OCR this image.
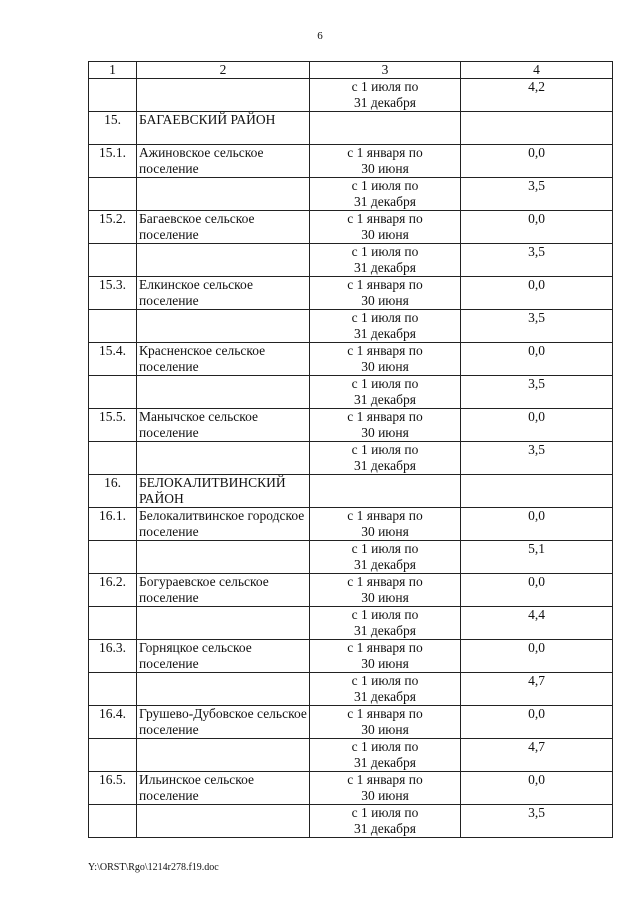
6
1	2	3	4

		с 1 июля по
31 декабря	4,2
15.	БАГАЕВСКИЙ РАЙОН		
15.1.	Ажиновское сельское поселение	с 1 января по
30 июня	0,0

		с 1 июля по
31 декабря	3,5
15.2.	Багаевское сельское поселение	с 1 января по
30 июня	0,0

		с 1 июля по
31 декабря	3,5
15.3.	Елкинское сельское поселение	с 1 января по
30 июня	0,0

		с 1 июля по
31 декабря	3,5
15.4.	Красненское сельское поселение	с 1 января по
30 июня	0,0

		с 1 июля по
31 декабря	3,5
15.5.	Манычское сельское поселение	с 1 января по
30 июня	0,0

		с 1 июля по
31 декабря	3,5
16.	БЕЛОКАЛИТВИНСКИЙ РАЙОН		
16.1.	Белокалитвинское городское поселение	с 1 января по
30 июня	0,0

		с 1 июля по
31 декабря	5,1
16.2.	Богураевское сельское поселение	с 1 января по
30 июня	0,0

		с 1 июля по
31 декабря	4,4
16.3.	Горняцкое сельское поселение	с 1 января по
30 июня	0,0

		с 1 июля по
31 декабря	4,7
16.4.	Грушево-Дубовское сельское поселение	с 1 января по
30 июня	0,0

		с 1 июля по
31 декабря	4,7
16.5.	Ильинское сельское поселение	с 1 января по
30 июня	0,0

		с 1 июля по
31 декабря	3,5
Y:\ORST\Rgo\1214r278.f19.doc
